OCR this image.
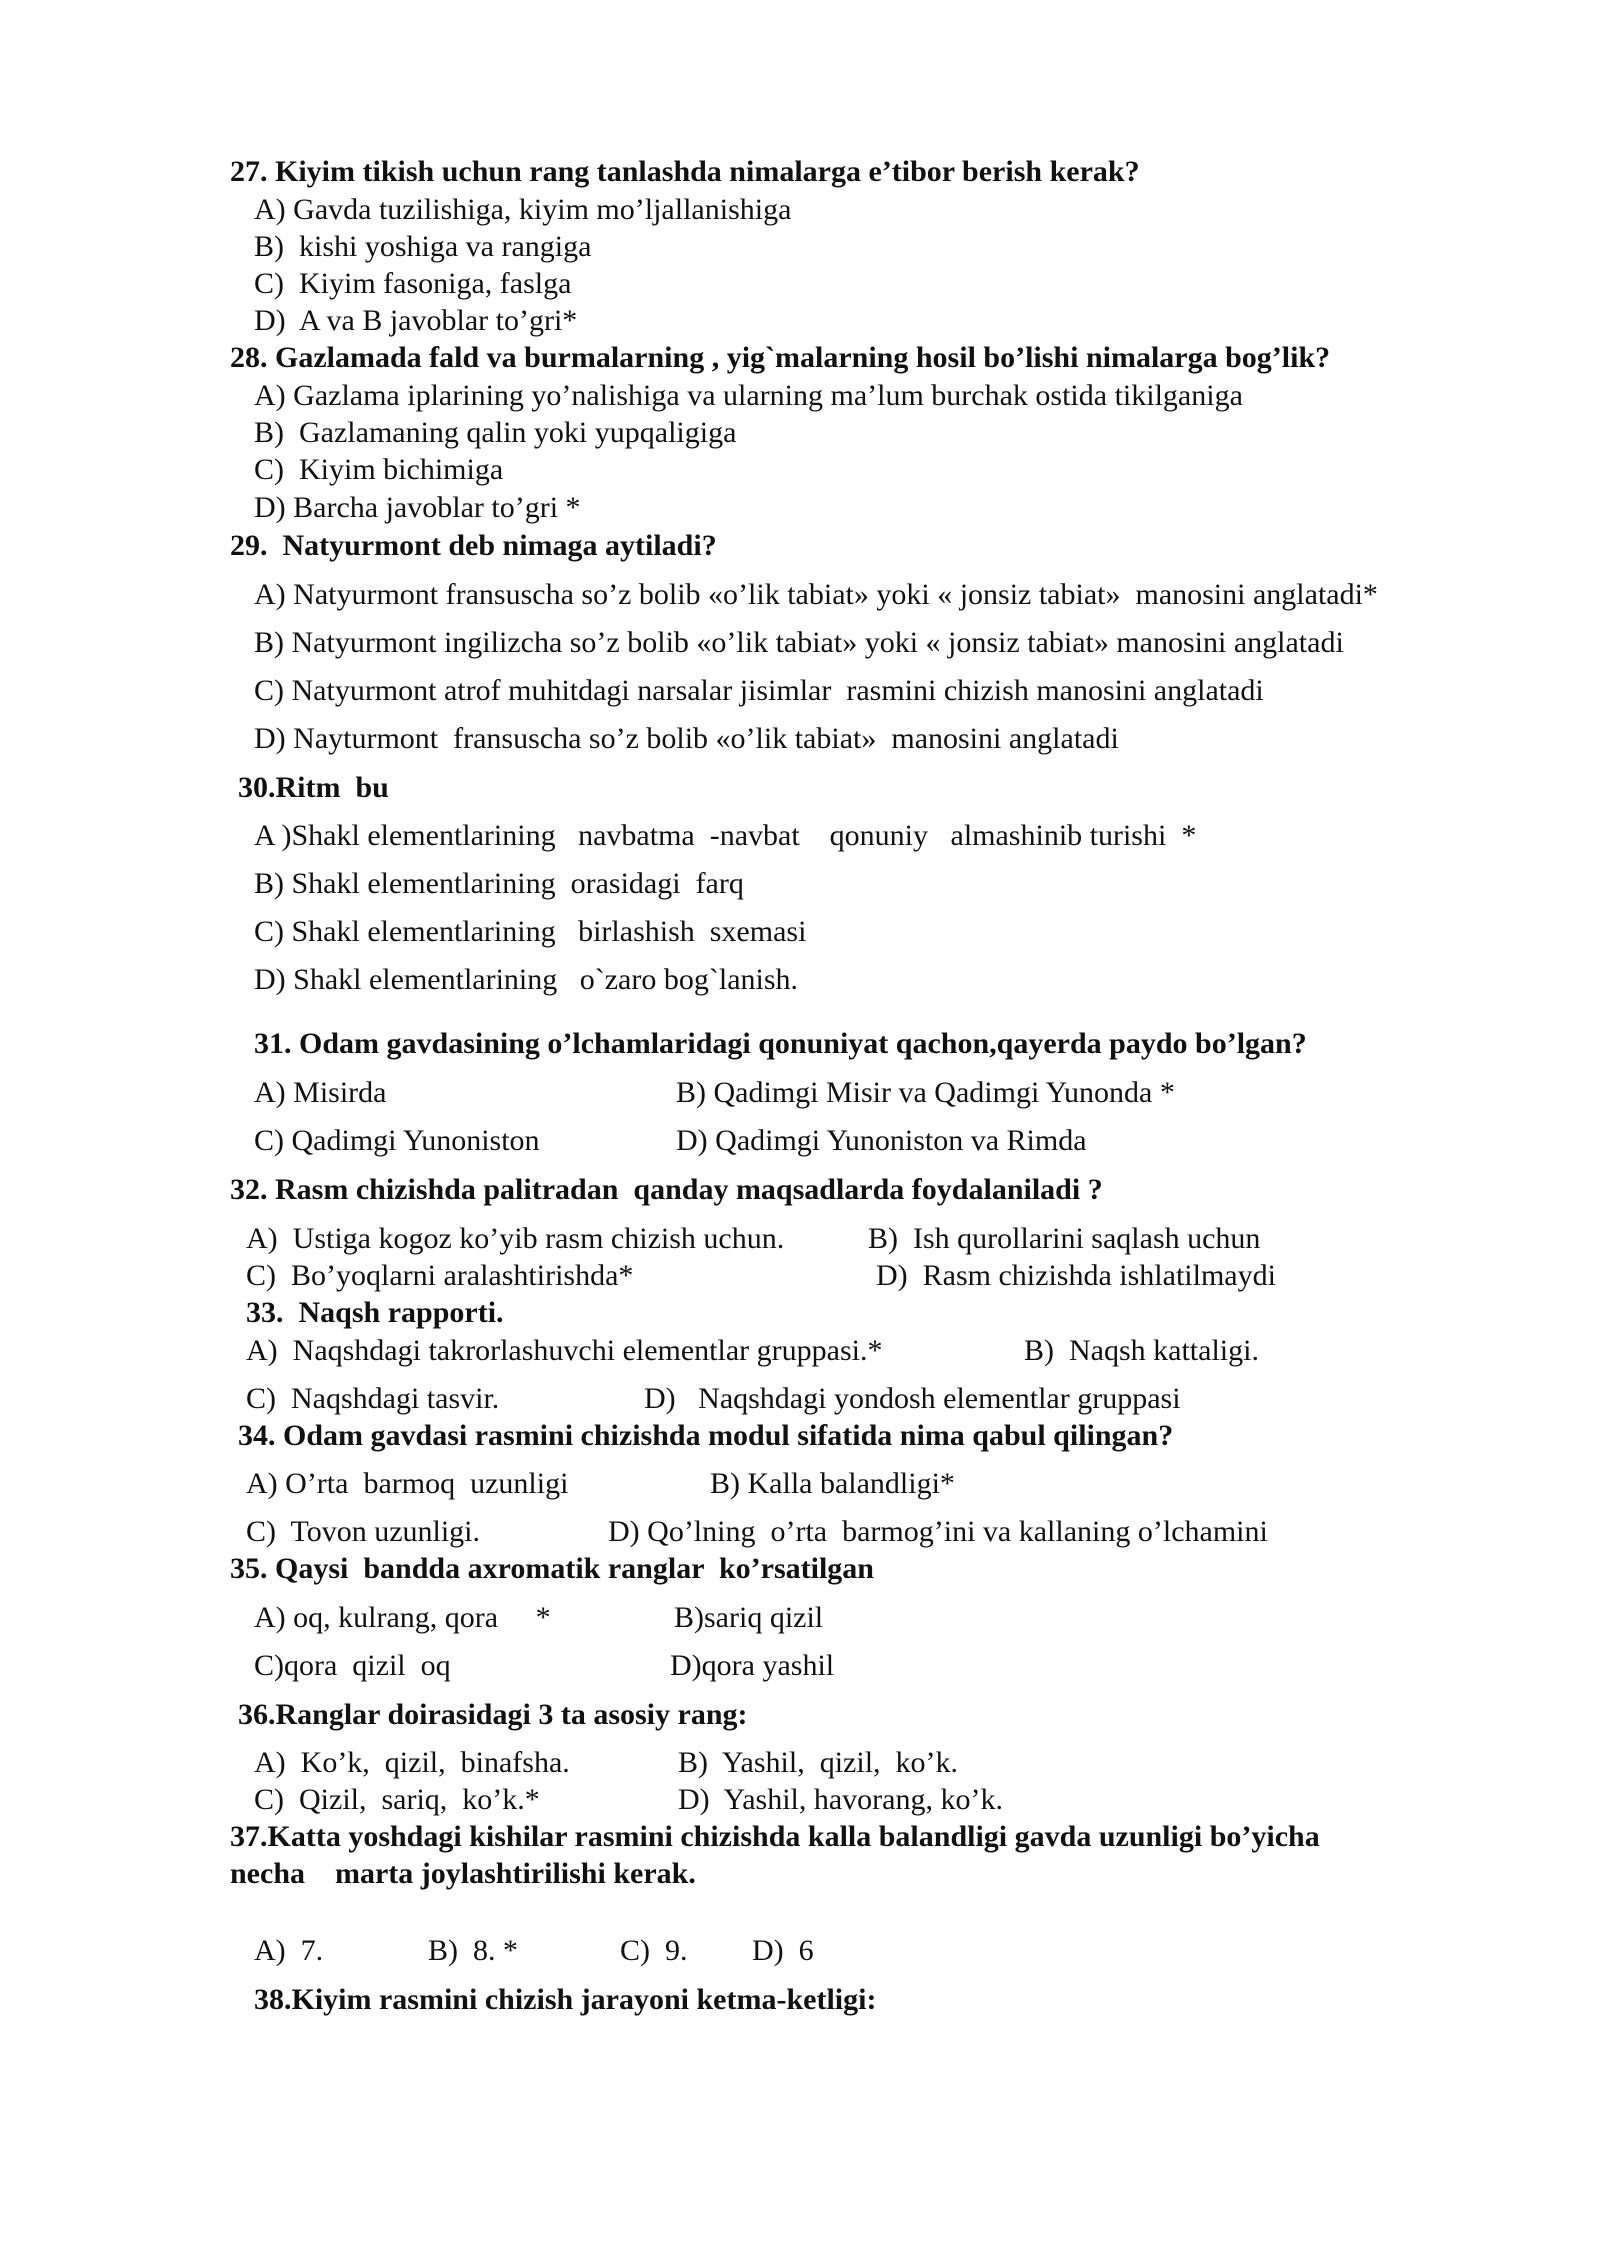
27. Kiyim tikish uchun rang tanlashda nimalarga e’tibor berish kerak?
A) Gavda tuzilishiga, kiyim mo’ljallanishiga
B)  kishi yoshiga va rangiga
C)  Kiyim fasoniga, faslga
D)  A va B javoblar to’gri*
28. Gazlamada fald va burmalarning , yig`malarning hosil bo’lishi nimalarga bog’lik?
A) Gazlama iplarining yo’nalishiga va ularning ma’lum burchak ostida tikilganiga
B)  Gazlamaning qalin yoki yupqaligiga
C)  Kiyim bichimiga
D) Barcha javoblar to’gri *
29.  Natyurmont deb nimaga aytiladi?
A) Natyurmont fransuscha so’z bolib «o’lik tabiat» yoki « jonsiz tabiat»  manosini anglatadi*
B) Natyurmont ingilizcha so’z bolib «o’lik tabiat» yoki « jonsiz tabiat» manosini anglatadi
C) Natyurmont atrof muhitdagi narsalar jisimlar  rasmini chizish manosini anglatadi
D) Nayturmont  fransuscha so’z bolib «o’lik tabiat»  manosini anglatadi
30.Ritm  bu
A )Shakl elementlarining   navbatma  -navbat    qonuniy   almashinib turishi  *
B) Shakl elementlarining  orasidagi  farq
C) Shakl elementlarining   birlashish  sxemasi
D) Shakl elementlarining   o`zaro bog`lanish.
31. Odam gavdasining o’lchamlaridagi qonuniyat qachon,qayerda paydo bo’lgan?
A) Misirda	B) Qadimgi Misir va Qadimgi Yunonda *
C) Qadimgi Yunoniston	D) Qadimgi Yunoniston va Rimda
32. Rasm chizishda palitradan  qanday maqsadlarda foydalaniladi ?
A)  Ustiga kogoz ko’yib rasm chizish uchun.	B)  Ish qurollarini saqlash uchun
C)  Bo’yoqlarni aralashtirishda*	D)  Rasm chizishda ishlatilmaydi
33.  Naqsh rapporti.
A)  Naqshdagi takrorlashuvchi elementlar gruppasi.*	B)  Naqsh kattaligi.
C)  Naqshdagi tasvir.	D)   Naqshdagi yondosh elementlar gruppasi
34. Odam gavdasi rasmini chizishda modul sifatida nima qabul qilingan?
A) O’rta  barmoq  uzunligi	B) Kalla balandligi*
C)  Tovon uzunligi.	D) Qo’lning  o’rta  barmog’ini va kallaning o’lchamini
35. Qaysi  bandda axromatik ranglar  ko’rsatilgan
A) oq, kulrang, qora     *	B)sariq qizil
C)qora  qizil  oq	D)qora yashil
36.Ranglar doirasidagi 3 ta asosiy rang:
A)  Ko’k,  qizil,  binafsha.	B)  Yashil,  qizil,  ko’k.
C)  Qizil,  sariq,  ko’k.*	D)  Yashil, havorang, ko’k.
37.Katta yoshdagi kishilar rasmini chizishda kalla balandligi gavda uzunligi bo’yicha
necha    marta joylashtirilishi kerak.
A)  7.	B)  8. *	C)  9. D)  6
38.Kiyim rasmini chizish jarayoni ketma-ketligi:
